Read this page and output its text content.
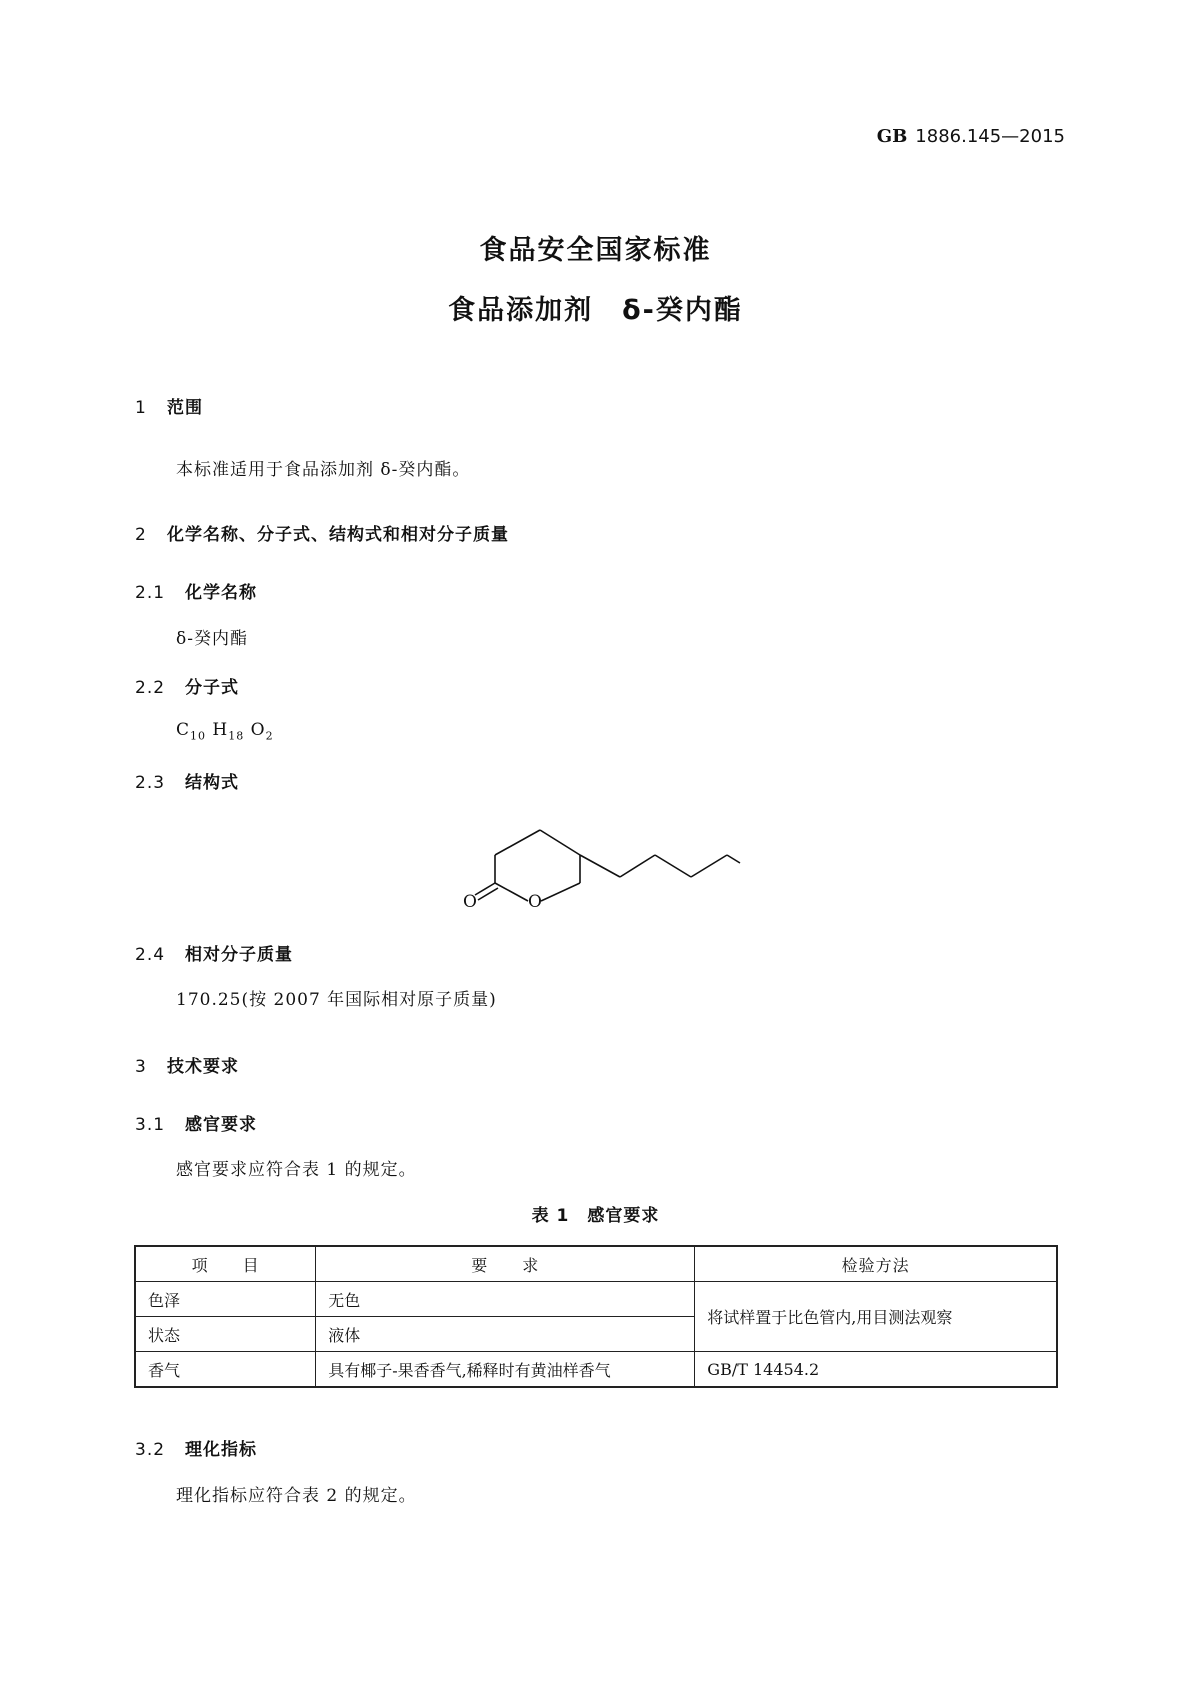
GB 1886.145—2015
食品安全国家标准
食品添加剂　δ-癸内酯
1 范围
本标准适用于食品添加剂 δ-癸内酯。
2 化学名称、分子式、结构式和相对分子质量
2.1 化学名称
δ-癸内酯
2.2 分子式
$C_{10}$ $H_{18}$ $O_2$
2.3 结构式
O	O
2.4 相对分子质量
170.25(按 2007 年国际相对原子质量)
3 技术要求
3.1 感官要求
感官要求应符合表 1 的规定。
表 1　感官要求
项　　目	要　　求	检验方法
色泽	无色	将试样置于比色管内,用目测法观察
状态	液体	
香气	具有椰子-果香香气,稀释时有黄油样香气	GB/T 14454.2
3.2 理化指标
理化指标应符合表 2 的规定。
